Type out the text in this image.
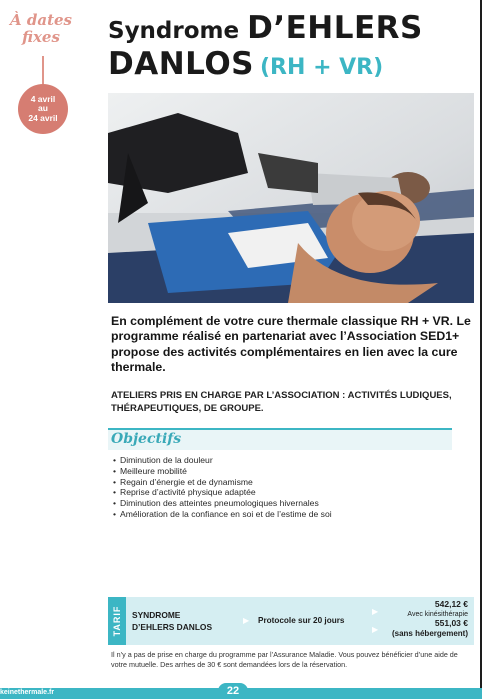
À dates
fixes
4 avril
au
24 avril
Syndrome D’EHLERS
DANLOS (RH + VR)
En complément de votre cure thermale classique RH + VR. Le programme réalisé en partenariat avec l’Association SED1+ propose des activités complémentaires en lien avec la cure thermale.
ATELIERS PRIS EN CHARGE PAR L’ASSOCIATION : ACTIVITÉS LUDIQUES, THÉRAPEUTIQUES, DE GROUPE.
Objectifs
• Diminution de la douleur
• Meilleure mobilité
• Regain d’énergie et de dynamisme
• Reprise d’activité physique adaptée
• Diminution des atteintes pneumologiques hivernales
• Amélioration de la confiance en soi et de l’estime de soi
TARIF SYNDROME
D’EHLERS DANLOS
▶ Protocole sur 20 jours
▶
▶
542,12 €
Avec kinésithérapie
551,03 €
(sans hébergement)
Il n’y a pas de prise en charge du programme par l’Assurance Maladie. Vous pouvez bénéficier d’une aide de votre mutuelle. Des arrhes de 30 € sont demandées lors de la réservation.
keinethermale.fr	22
